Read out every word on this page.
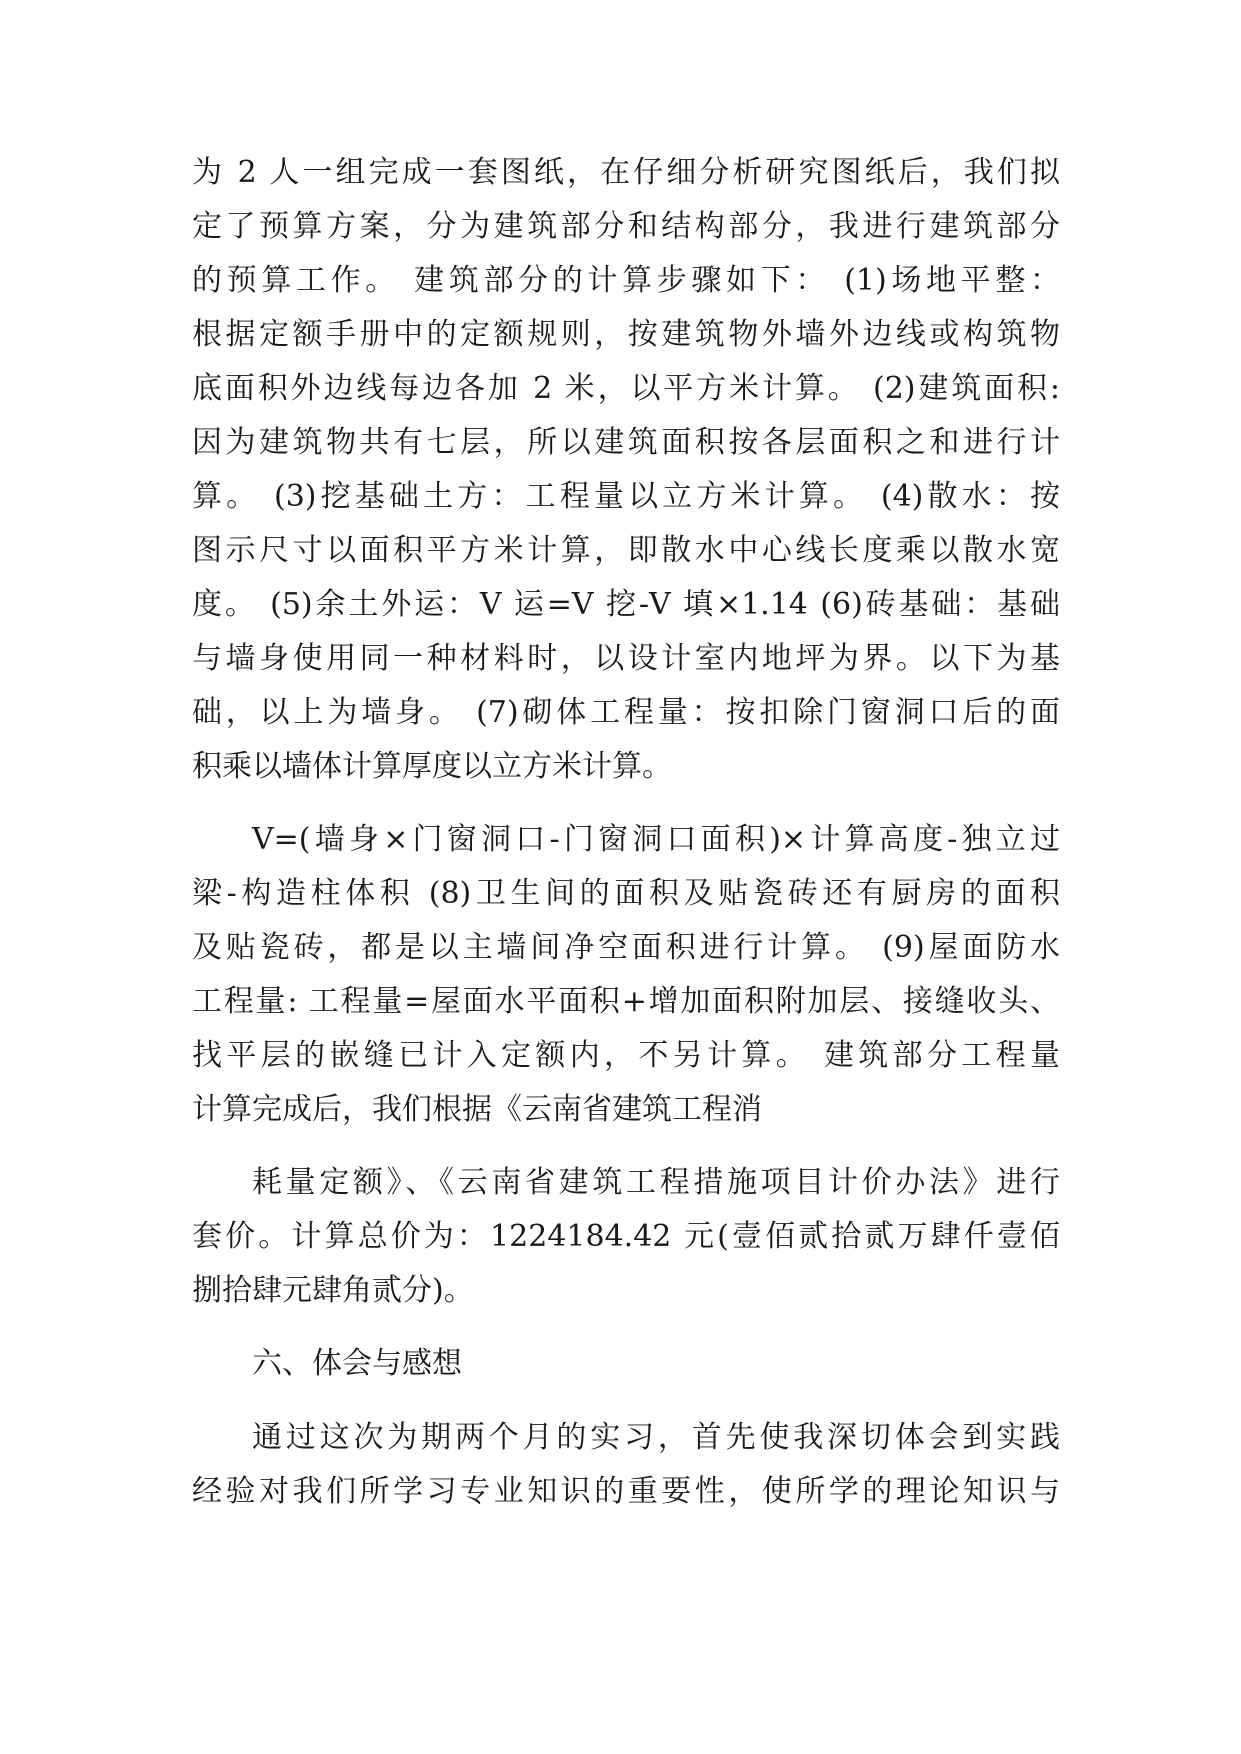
为 2 人一组完成一套图纸，在仔细分析研究图纸后，我们拟
定了预算方案，分为建筑部分和结构部分，我进行建筑部分
的预算工作。 建筑部分的计算步骤如下： (1)场地平整：
根据定额手册中的定额规则，按建筑物外墙外边线或构筑物
底面积外边线每边各加 2 米，以平方米计算。 (2)建筑面积:
因为建筑物共有七层，所以建筑面积按各层面积之和进行计
算。 (3)挖基础土方：工程量以立方米计算。 (4)散水：按
图示尺寸以面积平方米计算，即散水中心线长度乘以散水宽
度。 (5)余土外运：V 运=V 挖-V 填×1.14 (6)砖基础：基础
与墙身使用同一种材料时，以设计室内地坪为界。以下为基
础，以上为墙身。 (7)砌体工程量：按扣除门窗洞口后的面
积乘以墙体计算厚度以立方米计算。
V=(墙身×门窗洞口-门窗洞口面积)×计算高度-独立过
梁-构造柱体积 (8)卫生间的面积及贴瓷砖还有厨房的面积
及贴瓷砖，都是以主墙间净空面积进行计算。 (9)屋面防水
工程量: 工程量=屋面水平面积+增加面积附加层、接缝收头、
找平层的嵌缝已计入定额内，不另计算。 建筑部分工程量
计算完成后，我们根据《云南省建筑工程消
耗量定额》、《云南省建筑工程措施项目计价办法》进行
套价。计算总价为：1224184.42 元(壹佰贰拾贰万肆仟壹佰
捌拾肆元肆角贰分)。
六、体会与感想
通过这次为期两个月的实习，首先使我深切体会到实践
经验对我们所学习专业知识的重要性，使所学的理论知识与
